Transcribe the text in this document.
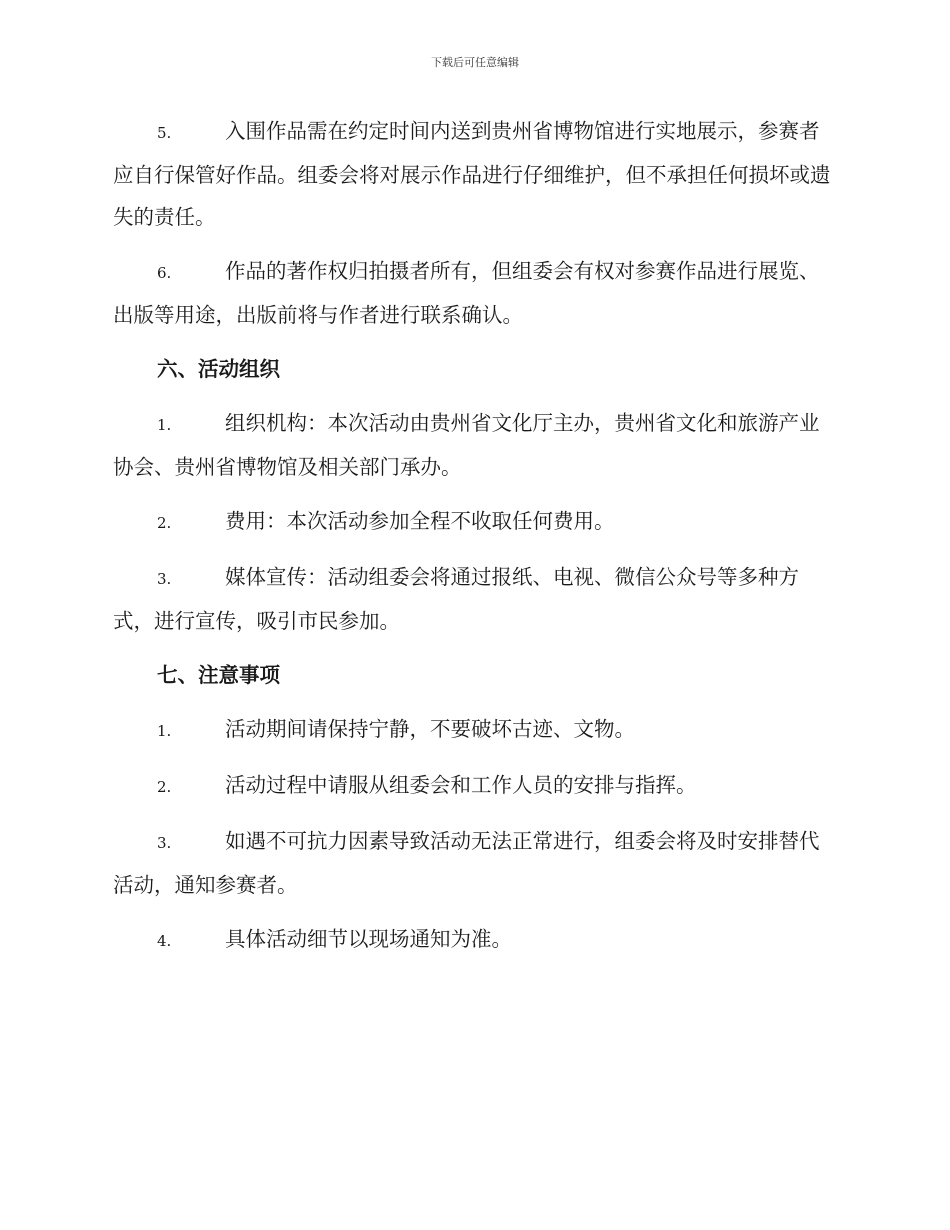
下载后可任意编辑

5.	入围作品需在约定时间内送到贵州省博物馆进行实地展示，参赛者应自行保管好作品。组委会将对展示作品进行仔细维护，但不承担任何损坏或遗失的责任。

6.	作品的著作权归拍摄者所有，但组委会有权对参赛作品进行展览、出版等用途，出版前将与作者进行联系确认。

六、活动组织

1.	组织机构：本次活动由贵州省文化厅主办，贵州省文化和旅游产业协会、贵州省博物馆及相关部门承办。

2.	费用：本次活动参加全程不收取任何费用。

3.	媒体宣传：活动组委会将通过报纸、电视、微信公众号等多种方式，进行宣传，吸引市民参加。

七、注意事项

1.	活动期间请保持宁静，不要破坏古迹、文物。

2.	活动过程中请服从组委会和工作人员的安排与指挥。

3.	如遇不可抗力因素导致活动无法正常进行，组委会将及时安排替代活动，通知参赛者。

4.	具体活动细节以现场通知为准。
